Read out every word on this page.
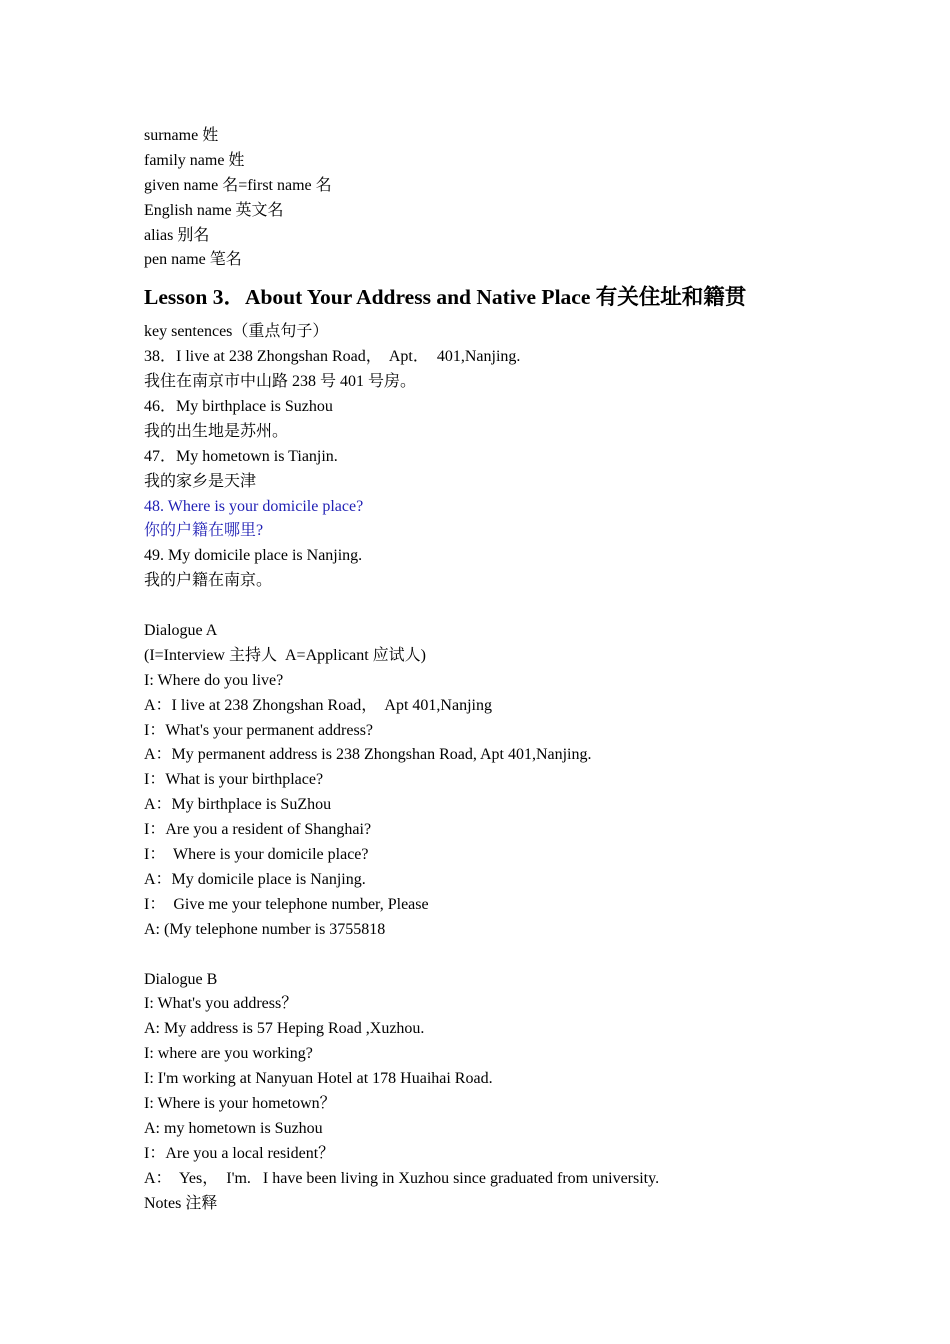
surname 姓
family name 姓
given name 名=first name 名
English name 英文名
alias 别名
pen name 笔名
Lesson 3．About Your Address and Native Place 有关住址和籍贯
key sentences（重点句子）
38．I live at 238 Zhongshan Road，  Apt．  401,Nanjing.
我住在南京市中山路 238 号 401 号房。
46．My birthplace is Suzhou
我的出生地是苏州。
47．My hometown is Tianjin.
我的家乡是天津
48. Where is your domicile place?
你的户籍在哪里?
49. My domicile place is Nanjing.
我的户籍在南京。
Dialogue A
(I=Interview 主持人  A=Applicant 应试人)
I: Where do you live?
A：I live at 238 Zhongshan Road，  Apt 401,Nanjing
I：What's your permanent address?
A：My permanent address is 238 Zhongshan Road, Apt 401,Nanjing.
I：What is your birthplace?
A：My birthplace is SuZhou
I：Are you a resident of Shanghai?
I：  Where is your domicile place?
A：My domicile place is Nanjing.
I：  Give me your telephone number, Please
A: (My telephone number is 3755818
Dialogue B
I: What's you address？
A: My address is 57 Heping Road ,Xuzhou.
I: where are you working?
I: I'm working at Nanyuan Hotel at 178 Huaihai Road.
I: Where is your hometown？
A: my hometown is Suzhou
I：Are you a local resident？
A：  Yes，  I'm.   I have been living in Xuzhou since graduated from university.
Notes 注释
